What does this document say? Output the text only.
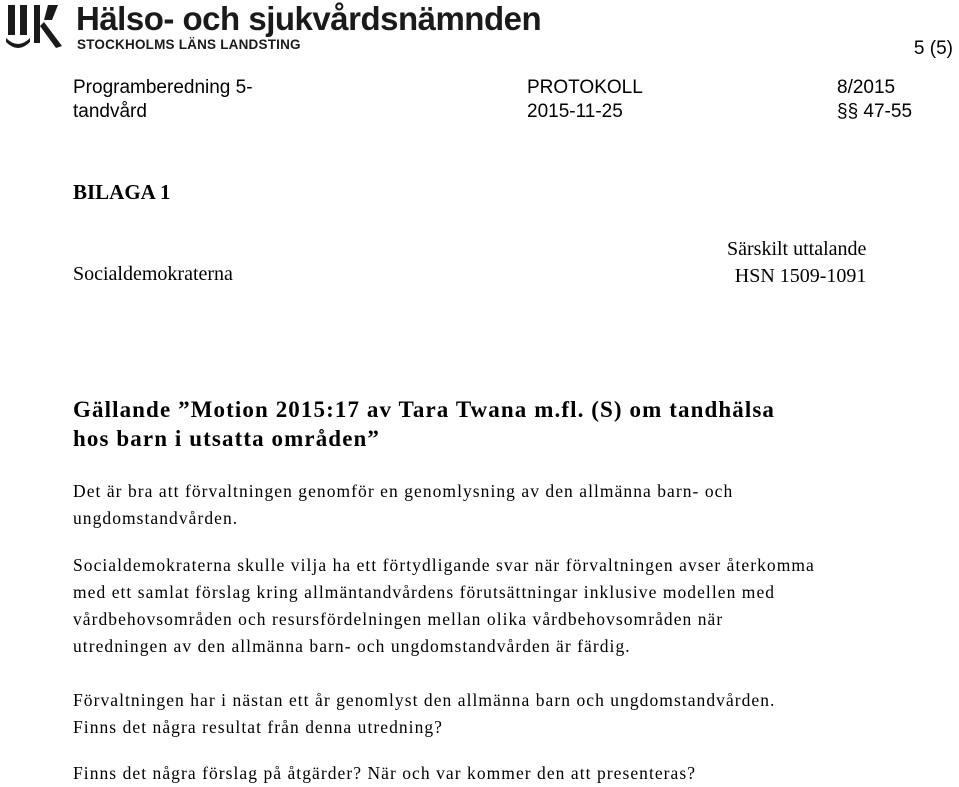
Hälso- och sjukvårdsnämnden
STOCKHOLMS LÄNS LANDSTING	5 (5)
Programberedning 5-
tandvård
PROTOKOLL
2015-11-25
8/2015
§§ 47-55
BILAGA 1
Särskilt uttalande
HSN 1509-1091
Socialdemokraterna
Gällande ”Motion 2015:17 av Tara Twana m.fl. (S) om tandhälsa
hos barn i utsatta områden”
Det är bra att förvaltningen genomför en genomlysning av den allmänna barn- och
ungdomstandvården.
Socialdemokraterna skulle vilja ha ett förtydligande svar när förvaltningen avser återkomma
med ett samlat förslag kring allmäntandvårdens förutsättningar inklusive modellen med
vårdbehovsområden och resursfördelningen mellan olika vårdbehovsområden när
utredningen av den allmänna barn- och ungdomstandvården är färdig.
Förvaltningen har i nästan ett år genomlyst den allmänna barn och ungdomstandvården.
Finns det några resultat från denna utredning?
Finns det några förslag på åtgärder? När och var kommer den att presenteras?
